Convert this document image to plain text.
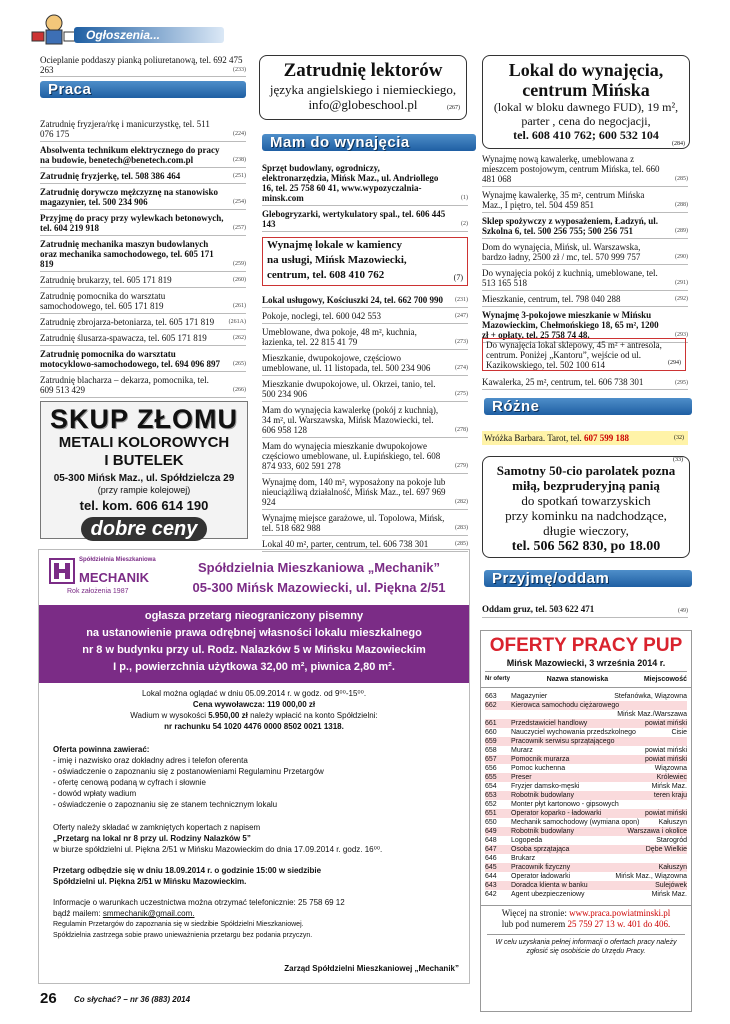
Ogłoszenia...
Ocieplanie poddaszy pianką poliuretanową, tel. 692 475 263	(233)
Praca
Zatrudnię fryzjera/rkę i manicurzystkę, tel. 511 076 175	(224)
Absolwenta technikum elektrycznego do pracy na budowie, benetech@benetech.com.pl	(238)
Zatrudnię fryzjerkę, tel. 508 386 464	(251)
Zatrudnię dorywczo mężczyznę na stanowisko magazynier, tel. 500 234 906	(254)
Przyjmę do pracy przy wylewkach betonowych, tel. 604 219 918	(257)
Zatrudnię mechanika maszyn budowlanych oraz mechanika samochodowego, tel. 605 171 819	(259)
Zatrudnię brukarzy, tel. 605 171 819	(260)
Zatrudnię pomocnika do warsztatu samochodowego, tel. 605 171 819	(261)
Zatrudnię zbrojarza-betoniarza, tel. 605 171 819 (261A)
Zatrudnię ślusarza-spawacza, tel. 605 171 819	(262)
Zatrudnię pomocnika do warsztatu motocyklowo-samochodowego, tel. 694 096 897 (265)
Zatrudnię blacharza – dekarza, pomocnika, tel. 609 513 429	(266)
SKUP ZŁOMU
METALI KOLOROWYCH
I BUTELEK
05-300 Mińsk Maz., ul. Spółdzielcza 29
(przy rampie kolejowej)
tel. kom. 606 614 190
dobre ceny
Zatrudnię lektorów
języka angielskiego i niemieckiego,
info@globeschool.pl	(267)
Mam do wynajęcia
Sprzęt budowlany, ogrodniczy, elektronarzędzia, Mińsk Maz., ul. Andriollego 16, tel. 25 758 60 41, www.wypozyczalnia-minsk.com	(1)
Glebogryzarki, wertykulatory spal., tel. 606 445 143	(2)
Wynajmę lokale w kamiency
na usługi, Mińsk Mazowiecki,
centrum, tel. 608 410 762	(7)
Lokal usługowy, Kościuszki 24, tel. 662 700 990 (231)
Pokoje, noclegi, tel. 600 042 553	(247)
Umeblowane, dwa pokoje, 48 m², kuchnia, łazienka, tel. 22 815 41 79	(273)
Mieszkanie, dwupokojowe, częściowo umeblowane, ul. 11 listopada, tel. 500 234 906	(274)
Mieszkanie dwupokojowe, ul. Okrzei, tanio, tel. 500 234 906	(275)
Mam do wynajęcia kawalerkę (pokój z kuchnią), 34 m², ul. Warszawska, Mińsk Mazowiecki, tel. 606 958 128	(278)
Mam do wynajęcia mieszkanie dwupokojowe częściowo umeblowane, ul. Łupińskiego, tel. 608 874 933, 602 591 278	(279)
Wynajmę dom, 140 m², wyposażony na pokoje lub nieuciążliwą działalność, Mińsk Maz., tel. 697 969 924	(282)
Wynajmę miejsce garażowe, ul. Topolowa, Mińsk, tel. 518 682 988	(283)
Lokal 40 m², parter, centrum, tel. 606 738 301	(285)
Lokal do wynajęcia,
centrum Mińska
(lokal w bloku dawnego FUD), 19 m²,
parter , cena do negocjacji,
tel. 608 410 762; 600 532 104
(284)
Wynajmę nową kawalerkę, umeblowana z mieszcem postojowym, centrum Mińska, tel. 660 481 068	(285)
Wynajmę kawalerkę, 35 m², centrum Mińska Maz., I piętro, tel. 504 459 851	(288)
Sklep spożywczy z wyposażeniem, Ładzyń, ul. Szkolna 6, tel. 500 256 755; 500 256 751	(289)
Dom do wynajęcia, Mińsk, ul. Warszawska, bardzo ładny, 2500 zł / mc, tel. 570 999 757	(290)
Do wynajęcia pokój z kuchnią, umeblowane, tel. 513 165 518	(291)
Mieszkanie, centrum, tel. 798 040 288	(292)
Wynajmę 3-pokojowe mieszkanie w Mińsku Mazowieckim, Chełmońskiego 18, 65 m², 1200 zł + opłaty, tel. 25 758 74 48.	(293)
Do wynajęcia lokal sklepowy, 45 m² + antresola, centrum. Poniżej „Kantoru”, wejście od ul. Kazikowskiego, tel. 502 100 614	(294)
Kawalerka, 25 m², centrum, tel. 606 738 301	(295)
Różne
Wróżka Barbara. Tarot, tel. 607 599 188	(32)
(33)
Samotny 50-cio parolatek pozna
miłą, bezpruderyjną panią
do spotkań towarzyskich
przy kominku na nadchodzące,
długie wieczory,
tel. 506 562 830, po 18.00
Przyjmę/oddam
Oddam gruz, tel. 503 622 471	(49)
OFERTY PRACY PUP
Mińsk Mazowiecki, 3 września 2014 r.
Nr oferty	Nazwa stanowiska	Miejscowość
663	Magazynier	Stefanówka, Wiązowna
662	Kierowca samochodu ciężarowego
Mińsk Maz./Warszawa
661	Przedstawiciel handlowy	powiat miński
660	Nauczyciel wychowania przedszkolnego	Cisie
659	Pracownik serwisu sprzątającego
658	Murarz	powiat miński
657	Pomocnik murarza	powiat miński
656	Pomoc kuchenna	Wiązowna
655	Preser	Królewiec
654	Fryzjer damsko-męski	Mińsk Maz.
653	Robotnik budowlany	teren kraju
652	Monter płyt kartonowo - gipsowych
651	Operator koparko - ładowarki	powiat miński
650	Mechanik samochodowy (wymiana opon)	Kałuszyn
649	Robotnik budowlany	Warszawa i okolice
648	Logopeda	Starogród
647	Osoba sprzątająca	Dębe Wielkie
646	Brukarz
645	Pracownik fizyczny	Kałuszyn
644	Operator ładowarki	Mińsk Maz., Wiązowna
643	Doradca klienta w banku	Sulejówek
642	Agent ubezpieczeniowy	Mińsk Maz.
Więcej na stronie: www.praca.powiatminski.pl
lub pod numerem 25 759 27 13 w. 401 do 406.
W celu uzyskania pełnej informacji o ofertach pracy należy zgłosić się osobiście do Urzędu Pracy.
Spółdzielnia Mieszkaniowa
MECHANIK
Rok założenia 1987
Spółdzielnia Mieszkaniowa „Mechanik”
05-300 Mińsk Mazowiecki, ul. Piękna 2/51
ogłasza przetarg nieograniczony pisemny
na ustanowienie prawa odrębnej własności lokalu mieszkalnego
nr 8 w budynku przy ul. Rodz. Nalazków 5 w Mińsku Mazowieckim
I p., powierzchnia użytkowa 32,00 m², piwnica 2,80 m².
Lokal można oglądać w dniu 05.09.2014 r. w godz. od 9⁰⁰-15⁰⁰.
Cena wywoławcza: 119 000,00 zł
Wadium w wysokości 5.950,00 zł należy wpłacić na konto Spółdzielni:
nr rachunku 54 1020 4476 0000 8502 0021 1318.
Oferta powinna zawierać:
- imię i nazwisko oraz dokładny adres i telefon oferenta
- oświadczenie o zapoznaniu się z postanowieniami Regulaminu Przetargów
- ofertę cenową podaną w cyfrach i słownie
- dowód wpłaty wadium
- oświadczenie o zapoznaniu się ze stanem technicznym lokalu
Oferty należy składać w zamkniętych kopertach z napisem
„Przetarg na lokal nr 8 przy ul. Rodziny Nalazków 5”
w biurze spółdzielni ul. Piękna 2/51 w Mińsku Mazowieckim do dnia 17.09.2014 r. godz. 16⁰⁰.
Przetarg odbędzie się w dniu 18.09.2014 r. o godzinie 15:00 w siedzibie
Spółdzielni ul. Piękna 2/51 w Mińsku Mazowieckim.
Informacje o warunkach uczestnictwa można otrzymać telefonicznie: 25 758 69 12
bądź mailem: smmechanik@gmail.com.
Regulamin Przetargów do zapoznania się w siedzibie Spółdzielni Mieszkaniowej.
Spółdzielnia zastrzega sobie prawo unieważnienia przetargu bez podania przyczyn.
Zarząd Spółdzielni Mieszkaniowej „Mechanik”
26 Co słychać? – nr 36 (883) 2014
